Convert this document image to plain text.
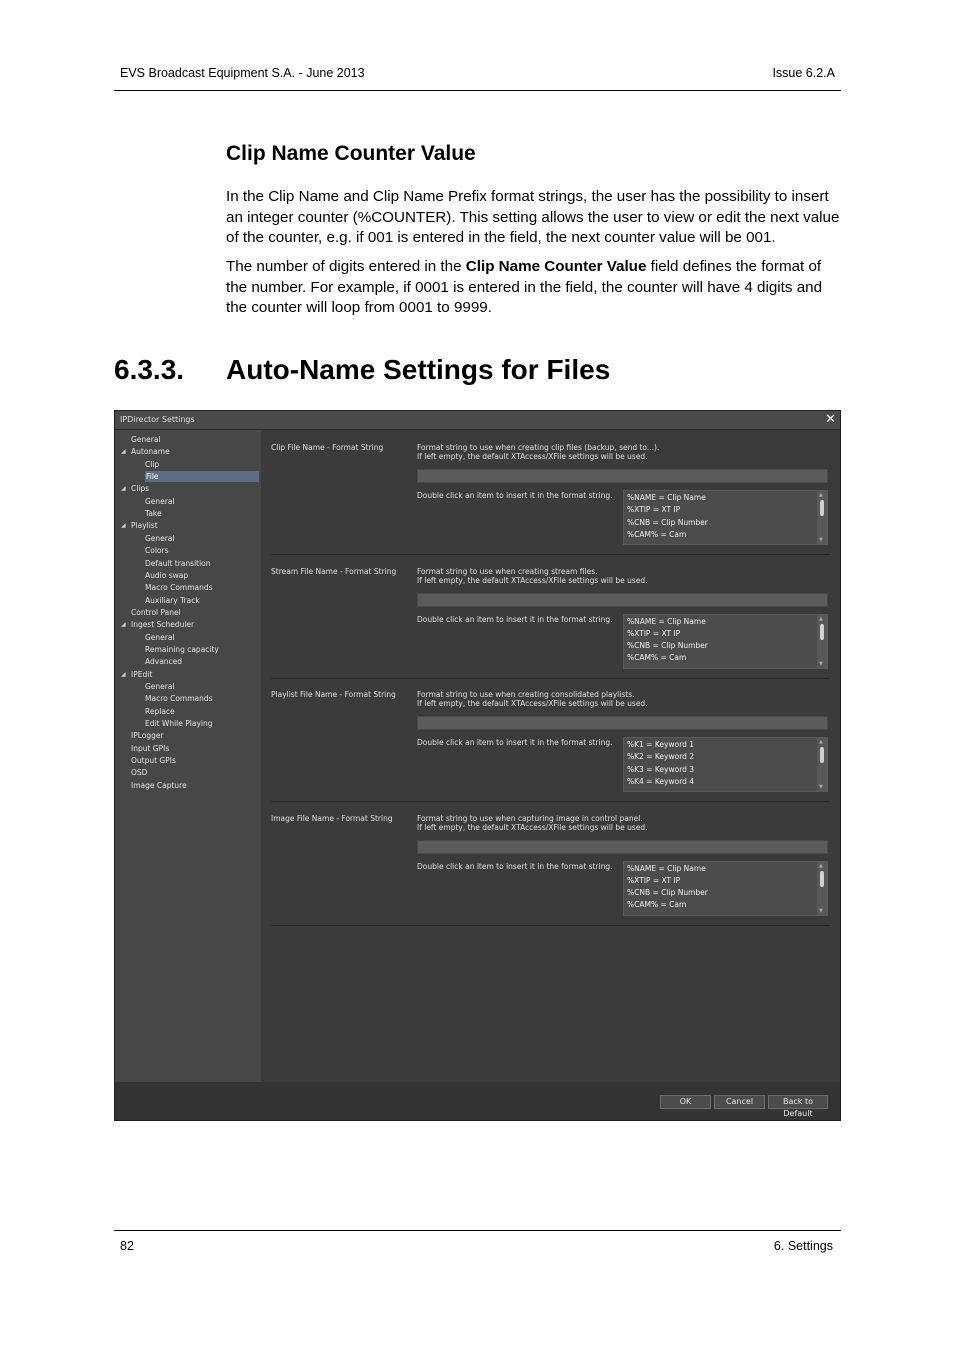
EVS Broadcast Equipment S.A. - June 2013	Issue 6.2.A
Clip Name Counter Value

In the Clip Name and Clip Name Prefix format strings, the user has the possibility to insert an integer counter (%COUNTER). This setting allows the user to view or edit the next value of the counter, e.g. if 001 is entered in the field, the next counter value will be 001.

The number of digits entered in the Clip Name Counter Value field defines the format of the number. For example, if 0001 is entered in the field, the counter will have 4 digits and the counter will loop from 0001 to 9999.

6.3.3. Auto-Name Settings for Files
IPDirector Settings	✕
General
◢ Autoname
Clip
File
◢ Clips
General
Take
◢ Playlist
General
Colors
Default transition
Audio swap
Macro Commands
Auxiliary Track
Control Panel
◢ Ingest Scheduler
General
Remaining capacity
Advanced
◢ IPEdit
General
Macro Commands
Replace
Edit While Playing
IPLogger
Input GPIs
Output GPIs
OSD
Image Capture
Clip File Name - Format String	Format string to use when creating clip files (backup, send to...).
If left empty, the default XTAccess/XFile settings will be used.
Double click an item to insert it in the format string. %NAME = Clip Name
%XTIP = XT IP
%CNB = Clip Number
%CAM% = Cam
▲
▼
Stream File Name - Format String	Format string to use when creating stream files.
If left empty, the default XTAccess/XFile settings will be used.
Double click an item to insert it in the format string. %NAME = Clip Name
%XTIP = XT IP
%CNB = Clip Number
%CAM% = Cam
▲
▼
Playlist File Name - Format String	Format string to use when creating consolidated playlists.
If left empty, the default XTAccess/XFile settings will be used.
Double click an item to insert it in the format string. %K1 = Keyword 1
%K2 = Keyword 2
%K3 = Keyword 3
%K4 = Keyword 4
▲
▼
Image File Name - Format String	Format string to use when capturing image in control panel.
If left empty, the default XTAccess/XFile settings will be used.
Double click an item to insert it in the format string. %NAME = Clip Name
%XTIP = XT IP
%CNB = Clip Number
%CAM% = Cam
▲
▼
OK	Cancel	Back to Default
82	6. Settings
